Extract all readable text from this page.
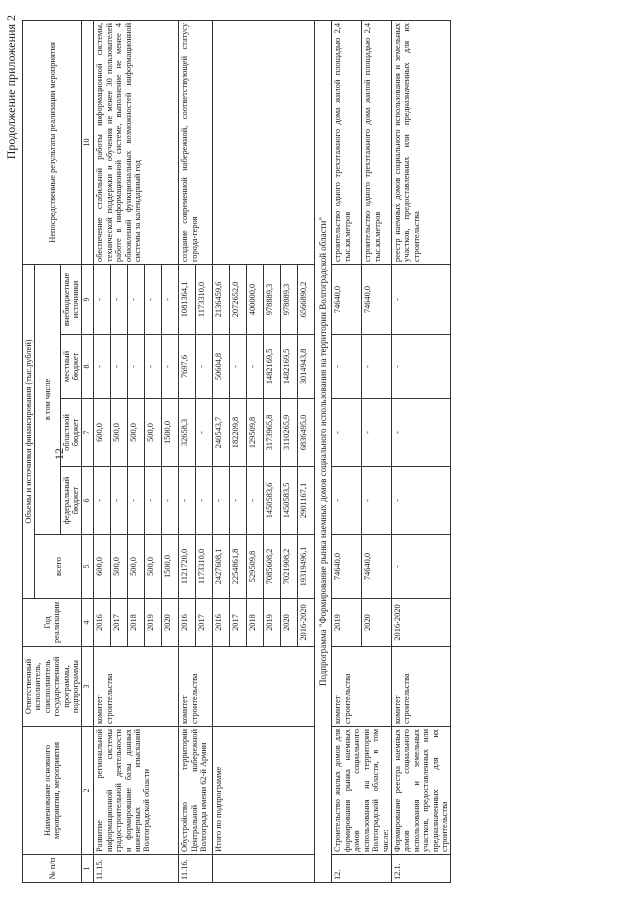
12
Продолжение приложения 2
№ п/п	Наименование основного мероприятия, мероприятия	Ответственный исполнитель, соисполнитель государственной программы, подпрограммы	Год реализации	Объемы и источники финансирования (тыс.рублей)					Непосредственные результаты реализации мероприятия
				всего	в том числе				
					федеральный бюджет	областной бюджет	местный бюджет	внебюджетные источники	
1	2	3	4	5	6	7	8	9	10
11.15.	Развитие региональной информационной системы градостроительной деятельности и формирование базы данных инженерных изысканий Волгоградской области	комитет строительства	2016	600,0	-	600,0	-	-	обеспечение стабильной работы информационной системы, технической поддержки и обучения не менее 30 пользователей работе в информационной системе, выполнение не менее 4 обновлений функциональных возможностей информационной системы за календарный год
			2017	500,0	-	500,0	-	-	
			2018	500,0	-	500,0	-	-	
			2019	500,0	-	500,0	-	-	
			2020	1500,0	-	1500,0	-	-	
11.16.	Обустройство территории Центральной набережной Волгограда имени 62-й Армии	комитет строительства	2016	1121720,0	-	32658,3	7697,6	1081364,1	создание современной набережной, соответствующей статусу города-героя
			2017	1173310,0	-	-	-	1173310,0	
	Итого по подпрограмме		2016	2427608,1	-	240543,7	50604,8	2136459,6	
			2017	2254861,8	-	182209,8	-	2072652,0	
			2018	529509,8	-	129509,8	-	400000,0	
			2019	7085608,2	1450583,6	3173965,8	1482169,5	978889,3	
			2020	7021908,2	1450583,5	3110265,9	1482169,5	978889,3	
			2016-2020	19319496,1	2901167,1	6836495,0	3014943,8	6566890,2	
Подпрограмма "Формирование рынка наемных домов социального использования на территории Волгоградской области"									
12.	Строительство жилых домов для формирования рынка наемных домов социального использования на территории Волгоградской области, в том числе:	комитет строительства	2019	74640,0	-	-	-	74640,0	строительство одного трехэтажного дома жилой площадью 2,4 тыс.кв.метров
			2020	74640,0	-	-	-	74640,0	строительство одного трехэтажного дома жилой площадью 2,4 тыс.кв.метров
12.1.	Формирование реестра наемных домов социального использования и земельных участков, предоставленных или предназначенных для их строительства	комитет строительства	2016-2020	-	-	-	-	-	реестр наемных домов социального использования и земельных участков, предоставленных или предназначенных для их строительства
